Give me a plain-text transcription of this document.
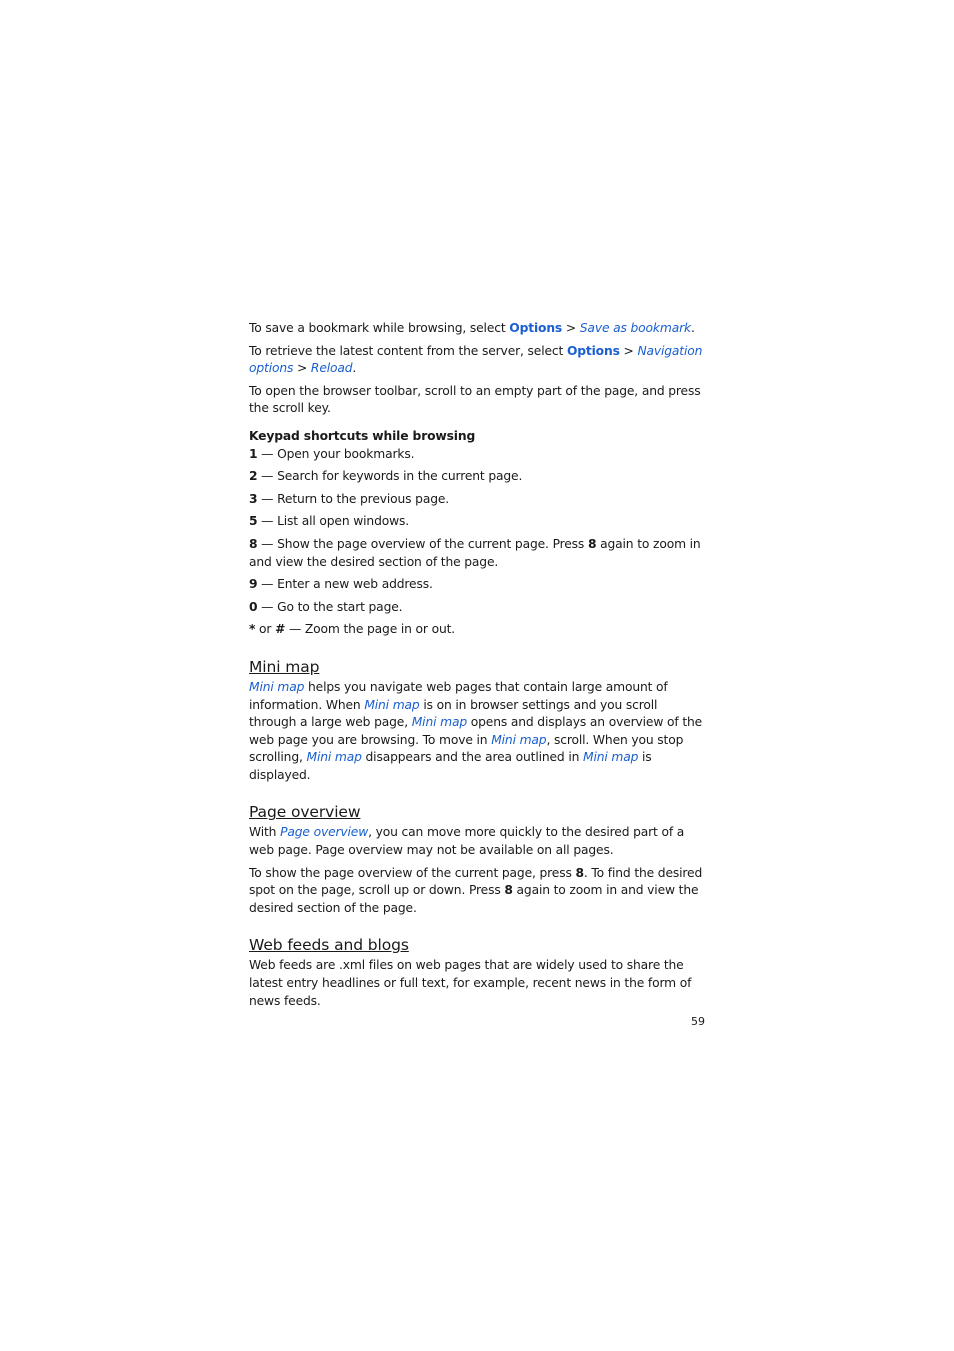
To save a bookmark while browsing, select Options > Save as bookmark.

To retrieve the latest content from the server, select Options > Navigation options > Reload.

To open the browser toolbar, scroll to an empty part of the page, and press the scroll key.

Keypad shortcuts while browsing

1 — Open your bookmarks.

2 — Search for keywords in the current page.

3 — Return to the previous page.

5 — List all open windows.

8 — Show the page overview of the current page. Press 8 again to zoom in and view the desired section of the page.

9 — Enter a new web address.

0 — Go to the start page.

* or # — Zoom the page in or out.

Mini map

Mini map helps you navigate web pages that contain large amount of information. When Mini map is on in browser settings and you scroll through a large web page, Mini map opens and displays an overview of the web page you are browsing. To move in Mini map, scroll. When you stop scrolling, Mini map disappears and the area outlined in Mini map is displayed.

Page overview

With Page overview, you can move more quickly to the desired part of a web page. Page overview may not be available on all pages.

To show the page overview of the current page, press 8. To find the desired spot on the page, scroll up or down. Press 8 again to zoom in and view the desired section of the page.

Web feeds and blogs

Web feeds are .xml files on web pages that are widely used to share the latest entry headlines or full text, for example, recent news in the form of news feeds.

59
